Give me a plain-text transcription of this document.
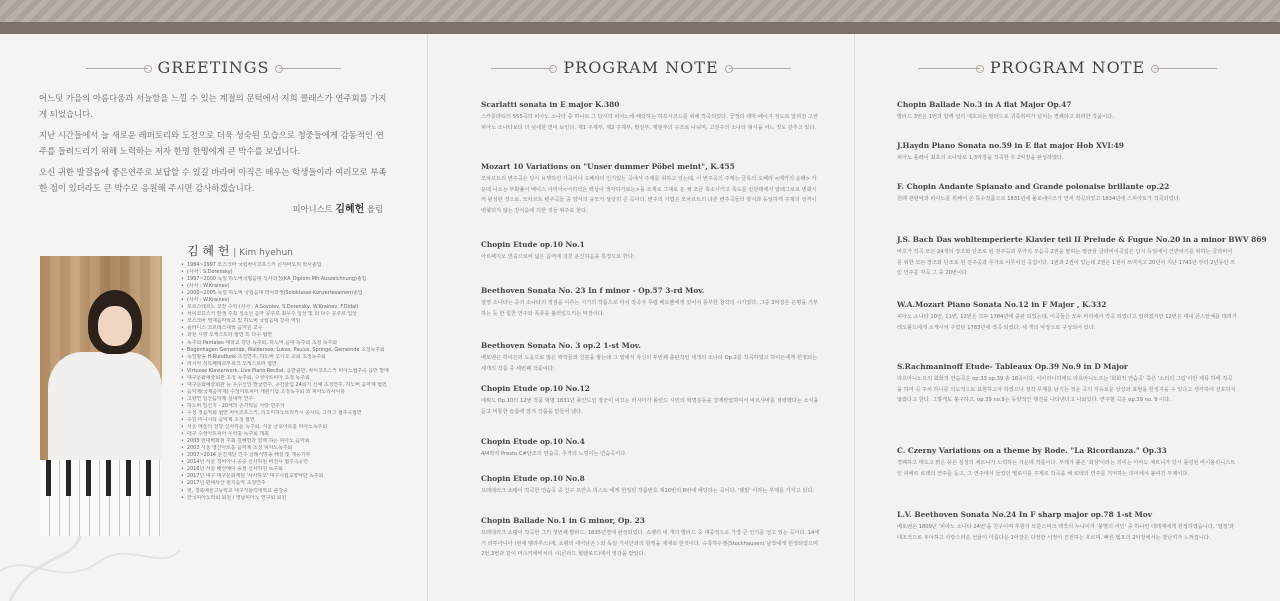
GREETINGS

어느덧 가을의 아름다움과 서늘함을 느낄 수 있는 계절의 문턱에서 저희 클래스가 연주회를 가지게 되었습니다.

지난 시간들에서 늘 새로운 레퍼토리와 도전으로 더욱 성숙된 모습으로 청중들에게 감동적인 연주를 들려드리기 위해 노력하는 저자 한명 한명에게 큰 박수를 보냅니다.

오신 귀한 발걸음에 좋은연주로 보답할 수 있길 바라며 아직은 배우는 학생들이라 여러모로 부족한 점이 있더라도 큰 박수로 응원해 주시면 감사하겠습니다.

피아니스트 김혜헌 올림
김 혜 헌 | Kim hyehun
• 1984~1997 모스크바 국립차이코프스키 콘서바토리 학사졸업
• (사사 : S.Dorensky)
• 1997~2000 독일 하노버국립음대 석사과정(KA_Diplom Mit Auszeichnung)졸업
• (사사 : W.Krainev)
• 2000~2005 독일 하노버 국립음대 박사과정(Soloklasse-Konzertexamen)졸업
• (사사 : W.Krainev)
• 포르스테르노 코장 수학 (사사 : A.Sovolev, S.Dorensky, W.Krainev, F.Didal)
• 차이코프스키 탄생 주최 청소년 음악 콩쿠르 최우수 입상 및 외 다수 콩쿠르 입상
• 모스크바 영재음악학교 및 하노버 국립음대 강사 역임
• 폴라디스 코르데스대학 음악원 교수
• 과천 시향 오케스트라 협연 외 다수 협연
• 독주회 Pantaleo 대학교 강당 독주회, 하노버 음대 독주회 초청 독주회
• Bogenhagen Gemeinde, Waldersee, Lukas, Paulus, Springe, Gemeinde 초청독주회
• 독일방송 H-Rundfunk 초청연주, 하노버 오디오 교회 초청독주회
• 러시아 성트페테르부르크 오케스트라 협연
• Virtuose Klavierwerk, Live Piano Recital, 음반출반, 차이코프스키 피아노협주곡 음반 발매
• 대구문화예술회관 초청 독주회, 수성아트피아 초청 독주회
• 대구문화예술회관 등 우수신인 발굴연주, 공간울림 24회기 신예 초청연주, 하노버 음악제 협연
• 음악제(국제음악제) 수성아트피아 개관기념 초청독주회 외 피아노리사이틀
• 고향연 일산음악제 실내악 연주
• 하노버 일산지 - 20세의 손가락을 사랑 연주자
• 수성 정음악회 협연 차이코프스키, 리오미하노브리키시 콩시티, 그리그 협주곡협연
• 수원 미니시티 음악제 초청 협연
• 서울 예술의 전당 신사리를 독주회, 서울 금호아트홀 피아노독주회
• 대구 수성아트피아 무학홀 독주회 개최
• 2003 현대백화점 주최 김혜헌과 함께 하는 피아노 음악회
• 2003 서울 영산아트홀 음악제 초청 피아노독주회
• 2007~2014 문진재단 진주 클래식방송 해설 및 재능기부
• 2014년 서울 정비아니 공중 신사하원 버전니 협주곡공연
• 2016년 서울 횃산예이 종점 신사하원 독주회
• 2017년 대구 대구문화재단 '사사하오' 대구시립교향악단 독주회
• 2017년 편대사산 현지음악 초청연주
• 현, 경북예술고등학교 대구가톨릭대학교 출강중
• 한국피아노학회 회원 / 영남피아노 연구회 회원
PROGRAM NOTE
Scarlatti sonata in E major K.380

스카를라티의 555곡의 피아노 소나타 중 하나로 그 당시의 피아노에 해당하는 하프시코드를 위해 작곡되었다. 궁정의 테마 페이지 정도로 알려진 고전피아노 소나타보다 더 섬세한 면이 보인다. 제1 주제부, 제2 주제부, 발전부, 재현부의 구조로 나뉘며, 고전주의 소나타 형식을 어느 정도 갖추고 있다.

Mozart 10 Variations on "Unser dummer Pöbel meint", K.455

모차르트의 변주곡은 당시 유행하던 가곡이나 오페라의 인기있는 곡에서 주제를 취하고 있는데, 이 변주곡의 주제는 글룩의 오페라 <메카의 순례> 가운데 나오는 부화풀이 베이스 아리아<어리석은 백성이 생각하기로는>을 소재로 그대로 둔 채 조금 축소시키고 축도를 인단테에서 알레그로로 변화시켜 완성한 것으로, 모차르트 변주곡들 중 양식의 규모가 상당히 큰 곡이다. 변주의 기법은 모차르트의 다른 변주곡들의 양식과 동일하게 주제의 성격이 변형되지 않는 장식음에 의한 것들 위주로 한다.

Chopin Etude op.10 No.1

아르페지오 연습으로써 넓은 음역에 걸친 운신하음을 특징으로 한다.

Beethoven Sonata No. 23 In f minor - Op.57 3-rd Mov.

열정 소나타는 중기 소나타의 정점을 이루는 시기의 작품으로 마치 작곡자 무렵 베토벤에게 있어서 풍부한 창작의 시기였다. 그중 3악장은 운명을 거부하는 듯 한 힘찬 연주와 폭풍을 불러일으키는 악장이다.

Beethoven Sonata No. 3 op.2 1-st Mov.

베토벤은 하이든의 도움으로 많은 백작들과 친분을 쌓는데 그 밑에서 자신의 두번째 출판작인 세개의 소나타 Op.2를 작곡하였고 하이든에게 헌정되는 세개의 작품 중 세번째 작품이다.

Chopin Etude op.10 No.12

에튀드 Op.10의 12번 작품 혁명 1831년 폴란드인 장군이 이끄는 러시아가 폴란드 시민의 혁명운동을 강제탄압하여서 바르샤바를 점령했다는 소식을 듣고 비통한 슬픔에 잠겨 작품을 만들어 냈다.

Chopin Etude op.10 No.4

4/4박자 Presto C#단조의 연습곡. 추격의 느낌이는 연습곡이다.

Chopin Etude op.10 No.8

프레데리크 쇼팽이 작곡한 연습곡 중 친구 프란츠 리스트 에게 헌정된 작품번호 제10번의 8번에 해당하는 곡이다. '햇빛' 이라는 부제를 가지고 있다.

Chopin Ballade No.1 in G minor, Op. 23

프레데리크 쇼팽이 작곡한 그의 첫번째 발라드. 1835년경에 완성되었다. 쇼팽의 네 개의 발라드 중 대중적으로 가장 큰 인기를 얻고 있는 곡이다. 14세기 리투아니아 (현재 벨라루스)에, 쇼팽의 대어난곤 ) 와 독일 기사단과의 항쟁을 제재로 한것이다. 슈톡하우젠(Stockhausen) 남작에게 헌정되었으며 2번,3번과 같이 미츠키에비치의 시(콘라드 월렌로드)에서 영감을 받았다.

PROGRAM NOTE
Chopin Ballade No.3 in A flat Major Op.47

발라드 3번은 1번과 함께 널리 애호되는 발라드로 귀족취미가 넘치는 경쾌하고 화려한 작품이다.

J.Haydn Piano Sonata no.59 in E flat major Hob XVI:49

피아노 플레이 최초의 소나타로 1,3악장을 작곡한 후 2악장을 완성하였다.

F. Chopin Andante Spianato and Grande polonaise brillante op.22

원래 관현악과 피아노를 위해서 쓴 특수작품으로 1831년에 폴로네이즈가 먼저 작곡되었고 1834년에 스피아토가 작곡되었다.

J.S. Bach Das wohltemperierte Klavier teil II Prelude & Fugue No.20 in a minor BWV 869

바흐가 작곡 모든 24개의 장조와 단조로 된 전주곡과 푸가의 모음곡 2권을 말하는 평균율 클라비어곡집은 당시 독일에서 건반악기를 위하는 클라비어를 위한 모든 장조와 단조로 된 전주곡과 푸가로 이루어진 곡집이다. 1권과 2권이 있는데 2권은 1권이 쓰여지고 20년이 지난 1741년 부터 2년동안 쓰인 연주를 각곡 그 중 20번이다.

W.A.Mozart Piano Sonata No.12 in F Major , K.332

피아노 소나타 10번, 11번, 12번은 모두 1784년에 출판 되었는데, 이곡들은 모두 파리에서 작곡 되었다고 알려졌지만 12번은 대내 콘스탄체를 데려가 레오폴드에게 소개시켜 주었던 1783년에 작곡 되었다. 세 개의 악장으로 구성되어 있다.

S.Rachmaninoff Etude- Tableaux Op.39 No.9 in D Major

라흐마니노프의 회화적 연습곡은 op.33 op.39 총 18곡이다. 이이리니히에도 라흐마니노프는 '회화적 연습곡' 혹은 '소리의 그림'이란 제목 하에 작곡을 하여 곡 주치 하나를 의도적으로 표현하고자 하였으나 정작 무제를 남기는 것은 곡의 자유로운 상상과 표현을 한정지을 수 있다고 생각하여 선호하지 않았다고 한다. 그렇게도 불구하고, op.39 no.9는 동양적인 행진을 나타낸다고 나와있다. 연주할 곡은 op.39 no. 9 이다.

C. Czerny Variations on a theme by Rode. "La Ricordanza." Op.33

경쾌하고 태도고 밝은 풍은 심성의 체르니가 노력하는 가운데 작품이다. 부제가 붙은 '회상'이라는 의미는 아마도 체르니가 당시 롤링된 바이올리니스트인 피에르 로데의 연주를 듣고, 그 연주에서 들었던 멜로디를 주제로 작곡을 해 로데의 연주를 기억하는 의미에서 붙여진 부제이다.

L.V. Beethoven Sonata No.24 In F sharp major op.78 1-st Mov

베토벤은 1809년 '피아노 소나타 24번'을 친구이며 후원자 브룬스비크 백작의 누나이자 '불멸의 여인' 중 하나인 테레제에게 헌정하였습니다. '열정'과 대조적으로 우아하고 사랑스러운 선율이 아름다운 1악장은 다정한 서정이 진전하는 흐르며, 빠른 템포의 2악장에서는 장난끼가 느껴집니다.
